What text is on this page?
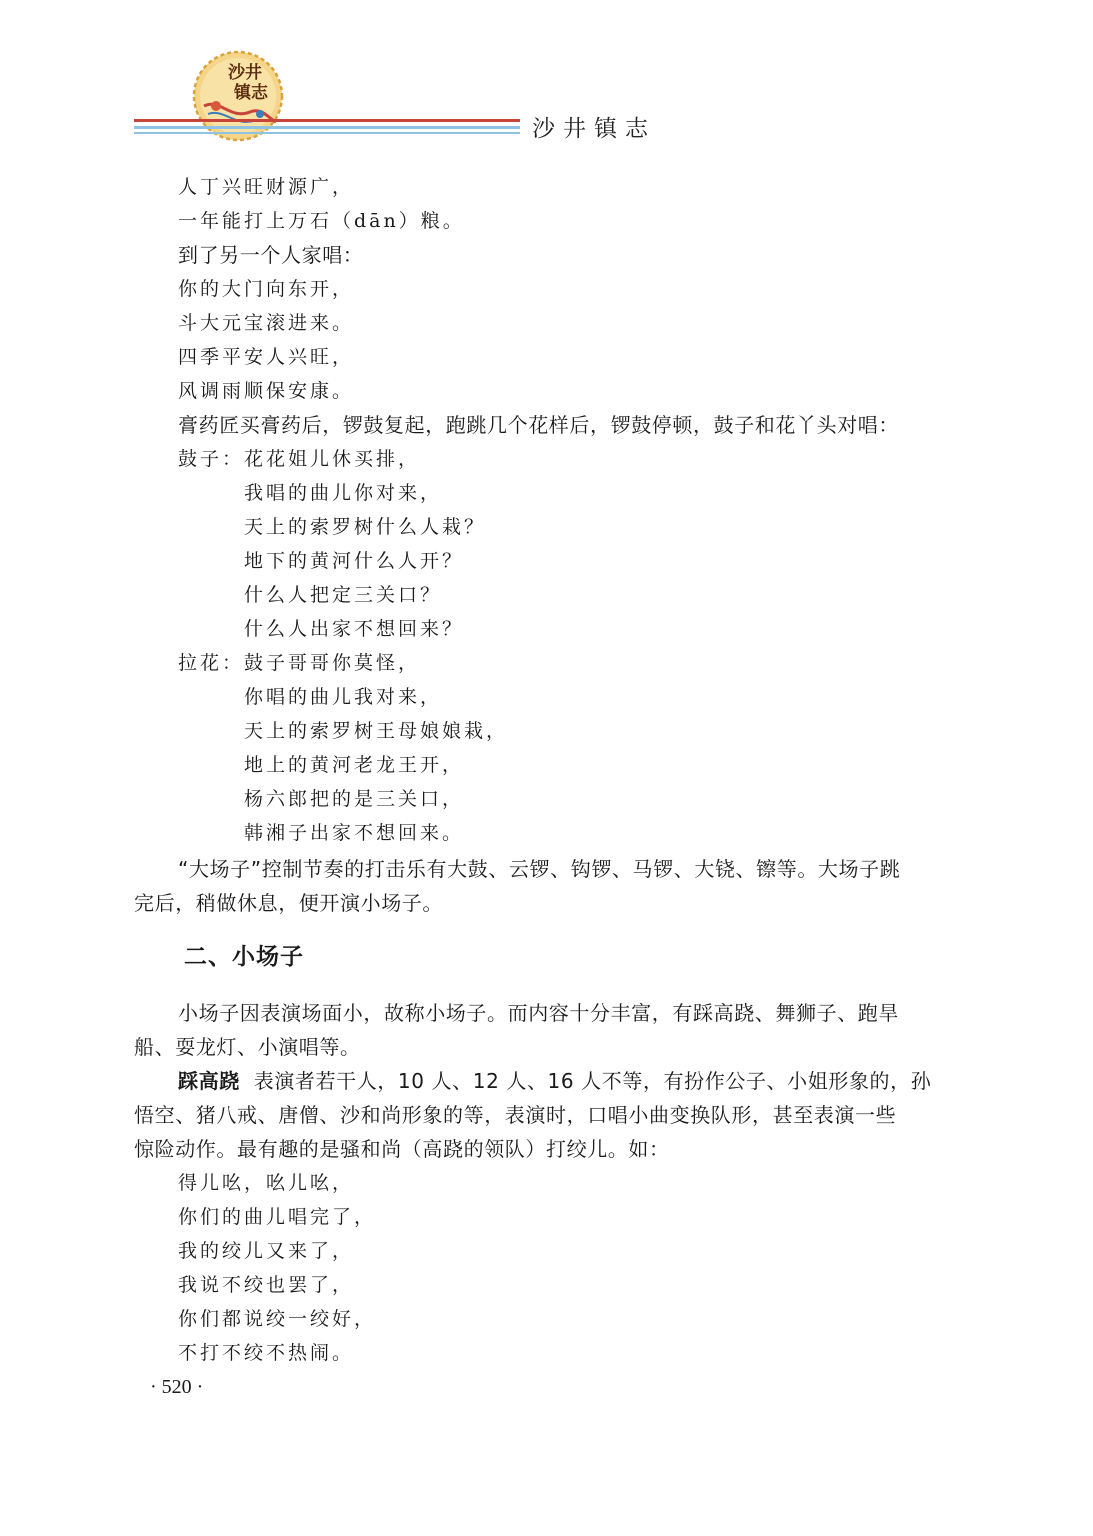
沙井
镇志
沙井镇志
人丁兴旺财源广，
一年能打上万石（dān）粮。
到了另一个人家唱：
你的大门向东开，
斗大元宝滚进来。
四季平安人兴旺，
风调雨顺保安康。
膏药匠买膏药后，锣鼓复起，跑跳几个花样后，锣鼓停顿，鼓子和花丫头对唱：
鼓子：花花姐儿休买排，
我唱的曲儿你对来，
天上的索罗树什么人栽？
地下的黄河什么人开？
什么人把定三关口？
什么人出家不想回来？
拉花：鼓子哥哥你莫怪，
你唱的曲儿我对来，
天上的索罗树王母娘娘栽，
地上的黄河老龙王开，
杨六郎把的是三关口，
韩湘子出家不想回来。
“大场子”控制节奏的打击乐有大鼓、云锣、钩锣、马锣、大铙、镲等。大场子跳
完后，稍做休息，便开演小场子。
二、小场子
小场子因表演场面小，故称小场子。而内容十分丰富，有踩高跷、舞狮子、跑旱
船、耍龙灯、小演唱等。
踩高跷 表演者若干人，10 人、12 人、16 人不等，有扮作公子、小姐形象的，孙
悟空、猪八戒、唐僧、沙和尚形象的等，表演时，口唱小曲变换队形，甚至表演一些
惊险动作。最有趣的是骚和尚（高跷的领队）打绞儿。如：
得儿吆，吆儿吆，
你们的曲儿唱完了，
我的绞儿又来了，
我说不绞也罢了，
你们都说绞一绞好，
不打不绞不热闹。
· 520 ·
